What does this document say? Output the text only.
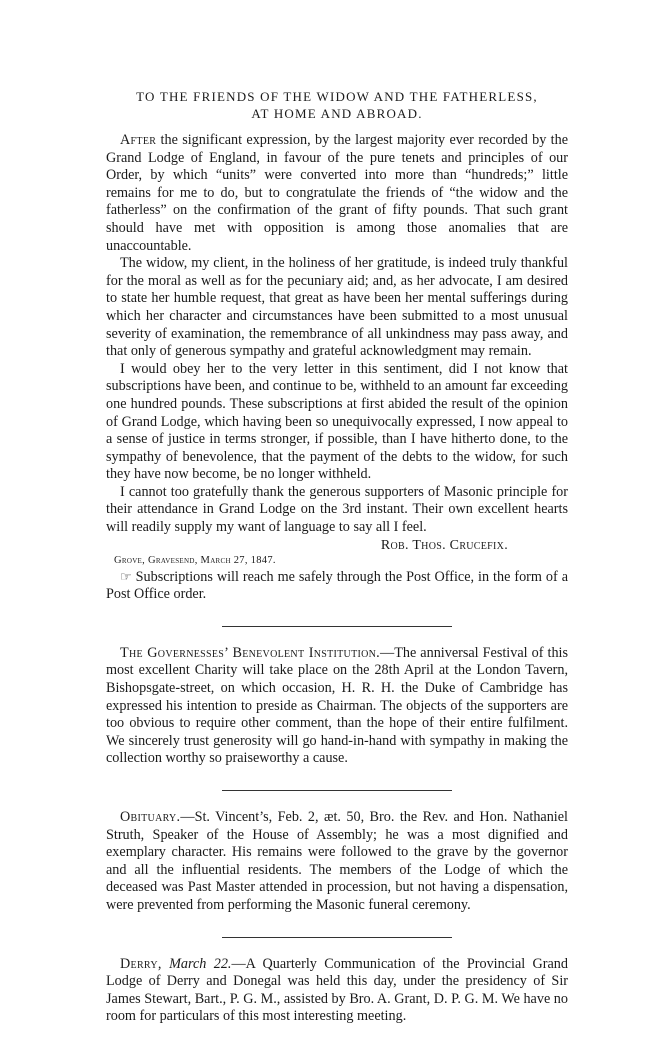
TO THE FRIENDS OF THE WIDOW AND THE FATHERLESS,
AT HOME AND ABROAD.

After the significant expression, by the largest majority ever recorded by the Grand Lodge of England, in favour of the pure tenets and principles of our Order, by which “units” were converted into more than “hundreds;” little remains for me to do, but to congratulate the friends of “the widow and the fatherless” on the confirmation of the grant of fifty pounds. That such grant should have met with opposition is among those anomalies that are unaccountable.

The widow, my client, in the holiness of her gratitude, is indeed truly thankful for the moral as well as for the pecuniary aid; and, as her advocate, I am desired to state her humble request, that great as have been her mental sufferings during which her character and circumstances have been submitted to a most unusual severity of examination, the remembrance of all unkindness may pass away, and that only of generous sympathy and grateful acknowledgment may remain.

I would obey her to the very letter in this sentiment, did I not know that subscriptions have been, and continue to be, withheld to an amount far exceeding one hundred pounds. These subscriptions at first abided the result of the opinion of Grand Lodge, which having been so unequivocally expressed, I now appeal to a sense of justice in terms stronger, if possible, than I have hitherto done, to the sympathy of benevolence, that the payment of the debts to the widow, for such they have now become, be no longer withheld.

I cannot too gratefully thank the generous supporters of Masonic principle for their attendance in Grand Lodge on the 3rd instant. Their own excellent hearts will readily supply my want of language to say all I feel.

Rob. Thos. Crucefix.
Grove, Gravesend, March 27, 1847.

☞ Subscriptions will reach me safely through the Post Office, in the form of a Post Office order.

The Governesses’ Benevolent Institution.—The anniversal Festival of this most excellent Charity will take place on the 28th April at the London Tavern, Bishopsgate-street, on which occasion, H. R. H. the Duke of Cambridge has expressed his intention to preside as Chairman. The objects of the supporters are too obvious to require other comment, than the hope of their entire fulfilment. We sincerely trust generosity will go hand-in-hand with sympathy in making the collection worthy so praiseworthy a cause.

Obituary.—St. Vincent’s, Feb. 2, æt. 50, Bro. the Rev. and Hon. Nathaniel Struth, Speaker of the House of Assembly; he was a most dignified and exemplary character. His remains were followed to the grave by the governor and all the influential residents. The members of the Lodge of which the deceased was Past Master attended in procession, but not having a dispensation, were prevented from performing the Masonic funeral ceremony.

Derry, March 22.—A Quarterly Communication of the Provincial Grand Lodge of Derry and Donegal was held this day, under the presidency of Sir James Stewart, Bart., P. G. M., assisted by Bro. A. Grant, D. P. G. M. We have no room for particulars of this most interesting meeting.
